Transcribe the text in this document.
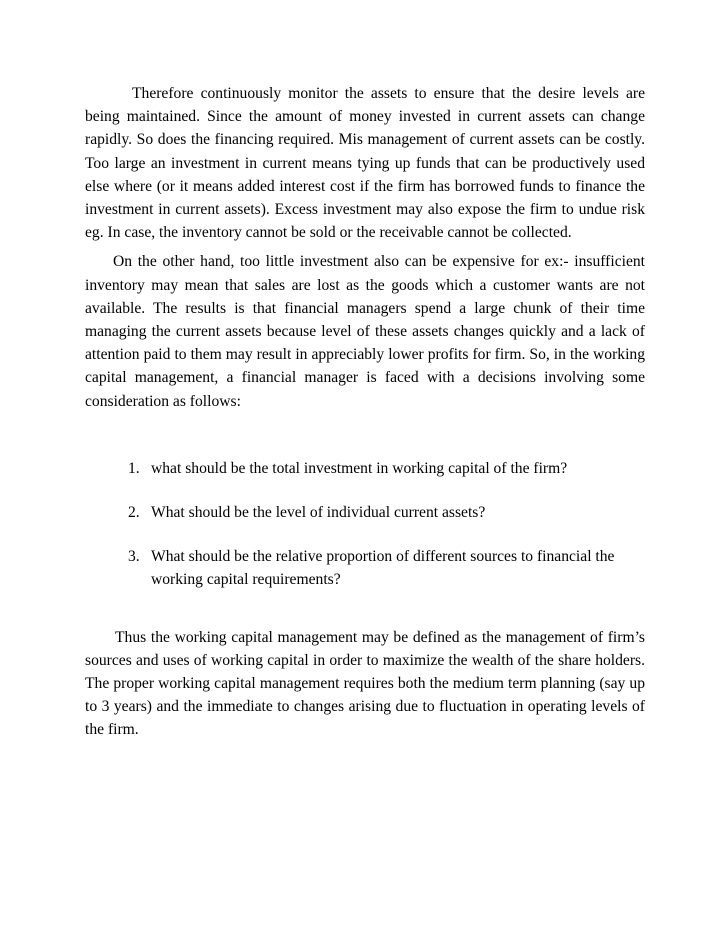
Therefore continuously monitor the assets to ensure that the desire levels are being maintained. Since the amount of money invested in current assets can change rapidly. So does the financing required. Mis management of current assets can be costly. Too large an investment in current means tying up funds that can be productively used else where (or it means added interest cost if the firm has borrowed funds to finance the investment in current assets). Excess investment may also expose the firm to undue risk eg. In case, the inventory cannot be sold or the receivable cannot be collected.

On the other hand, too little investment also can be expensive for ex:- insufficient inventory may mean that sales are lost as the goods which a customer wants are not available. The results is that financial managers spend a large chunk of their time managing the current assets because level of these assets changes quickly and a lack of attention paid to them may result in appreciably lower profits for firm. So, in the working capital management, a financial manager is faced with a decisions involving some consideration as follows:

1. what should be the total investment in working capital of the firm?
2. What should be the level of individual current assets?
3. What should be the relative proportion of different sources to financial the working capital requirements?

Thus the working capital management may be defined as the management of firm’s sources and uses of working capital in order to maximize the wealth of the share holders. The proper working capital management requires both the medium term planning (say up to 3 years) and the immediate to changes arising due to fluctuation in operating levels of the firm.
